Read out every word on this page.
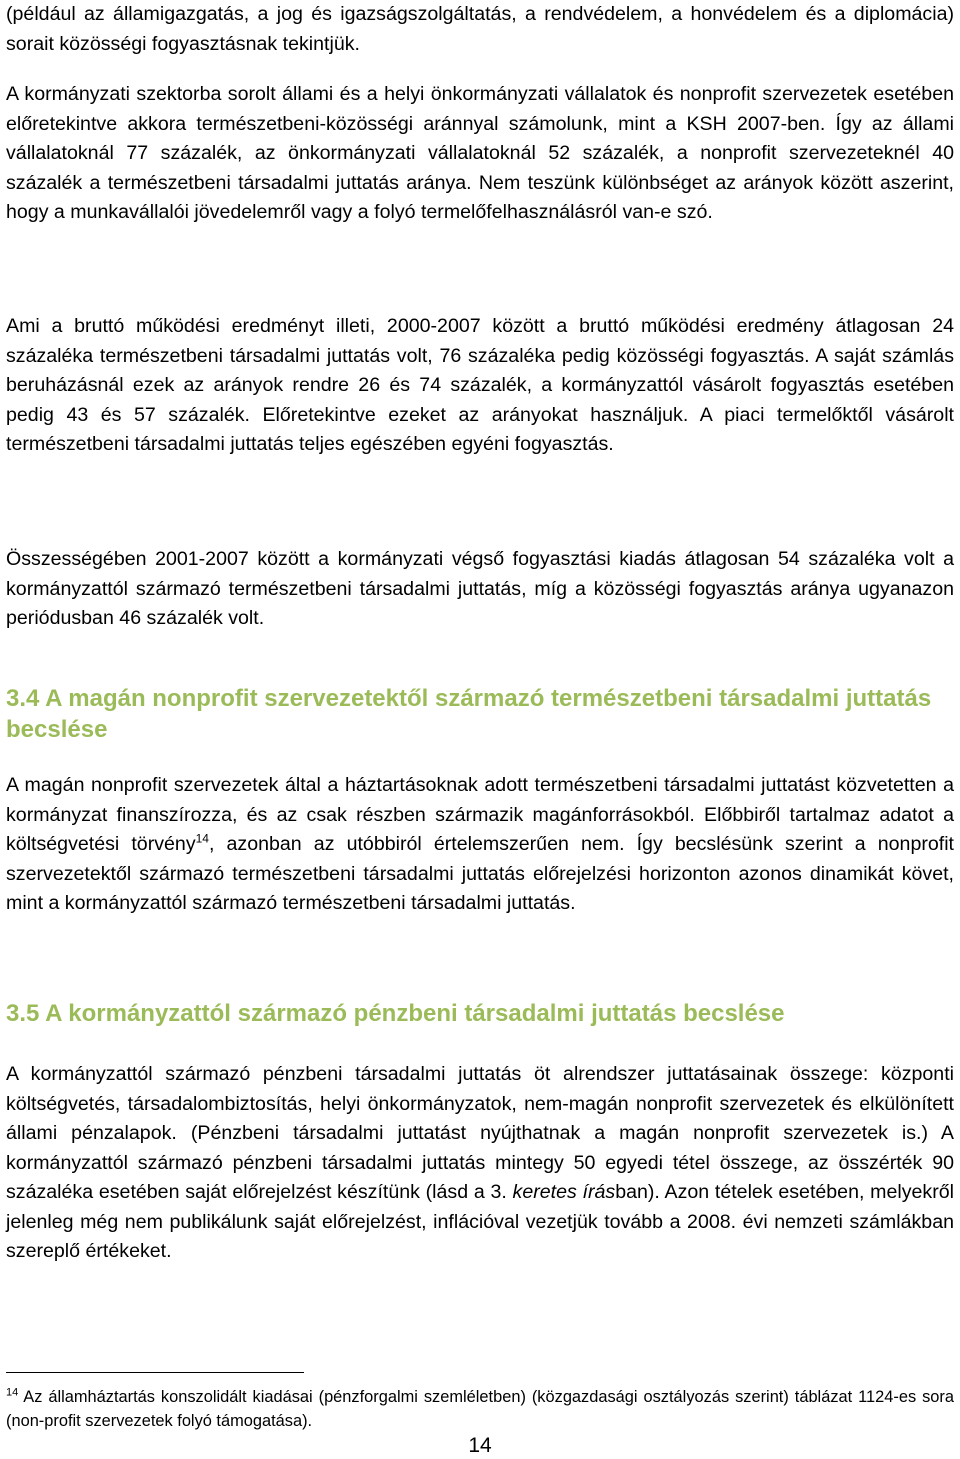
(például az államigazgatás, a jog és igazságszolgáltatás, a rendvédelem, a honvédelem és a diplomácia) sorait közösségi fogyasztásnak tekintjük.

A kormányzati szektorba sorolt állami és a helyi önkormányzati vállalatok és nonprofit szervezetek esetében előretekintve akkora természetbeni-közösségi aránnyal számolunk, mint a KSH 2007-ben. Így az állami vállalatoknál 77 százalék, az önkormányzati vállalatoknál 52 százalék, a nonprofit szervezeteknél 40 százalék a természetbeni társadalmi juttatás aránya. Nem teszünk különbséget az arányok között aszerint, hogy a munkavállalói jövedelemről vagy a folyó termelőfelhasználásról van-e szó.

Ami a bruttó működési eredményt illeti, 2000-2007 között a bruttó működési eredmény átlagosan 24 százaléka természetbeni társadalmi juttatás volt, 76 százaléka pedig közösségi fogyasztás. A saját számlás beruházásnál ezek az arányok rendre 26 és 74 százalék, a kormányzattól vásárolt fogyasztás esetében pedig 43 és 57 százalék. Előretekintve ezeket az arányokat használjuk. A piaci termelőktől vásárolt természetbeni társadalmi juttatás teljes egészében egyéni fogyasztás.

Összességében 2001-2007 között a kormányzati végső fogyasztási kiadás átlagosan 54 százaléka volt a kormányzattól származó természetbeni társadalmi juttatás, míg a közösségi fogyasztás aránya ugyanazon periódusban 46 százalék volt.

3.4 A magán nonprofit szervezetektől származó természetbeni társadalmi juttatás becslése

A magán nonprofit szervezetek által a háztartásoknak adott természetbeni társadalmi juttatást közvetetten a kormányzat finanszírozza, és az csak részben származik magánforrásokból. Előbbiről tartalmaz adatot a költségvetési törvény$^{14}$, azonban az utóbbiról értelemszerűen nem. Így becslésünk szerint a nonprofit szervezetektől származó természetbeni társadalmi juttatás előrejelzési horizonton azonos dinamikát követ, mint a kormányzattól származó természetbeni társadalmi juttatás.

3.5 A kormányzattól származó pénzbeni társadalmi juttatás becslése

A kormányzattól származó pénzbeni társadalmi juttatás öt alrendszer juttatásainak összege: központi költségvetés, társadalombiztosítás, helyi önkormányzatok, nem-magán nonprofit szervezetek és elkülönített állami pénzalapok. (Pénzbeni társadalmi juttatást nyújthatnak a magán nonprofit szervezetek is.) A kormányzattól származó pénzbeni társadalmi juttatás mintegy 50 egyedi tétel összege, az összérték 90 százaléka esetében saját előrejelzést készítünk (lásd a 3. keretes írásban). Azon tételek esetében, melyekről jelenleg még nem publikálunk saját előrejelzést, inflációval vezetjük tovább a 2008. évi nemzeti számlákban szereplő értékeket.

$^{14}$ Az államháztartás konszolidált kiadásai (pénzforgalmi szemléletben) (közgazdasági osztályozás szerint) táblázat 1124-es sora (non-profit szervezetek folyó támogatása).

14
